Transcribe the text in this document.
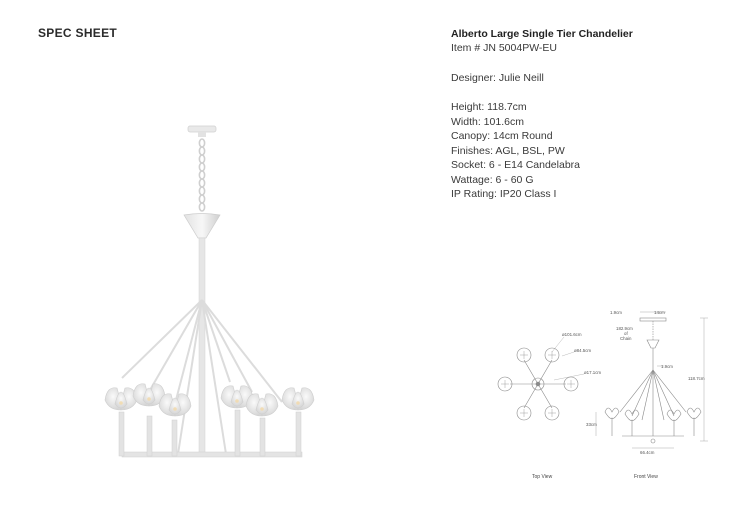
SPEC SHEET	Alberto Large Single Tier Chandelier
Item # JN 5004PW-EU
Designer: Julie Neill
Height: 118.7cm
Width: 101.6cm
Canopy: 14cm Round
Finishes: AGL, BSL, PW
Socket: 6 - E14 Candelabra
Wattage: 6 - 60 G
IP Rating: IP20 Class I
ø101.6cm
ø84.5cm
ø17.1cm
Top View
1.9cm	14cm
182.9cm
of
Chain
1.9cm
118.7cm
33cm
66.4cm
Front View
